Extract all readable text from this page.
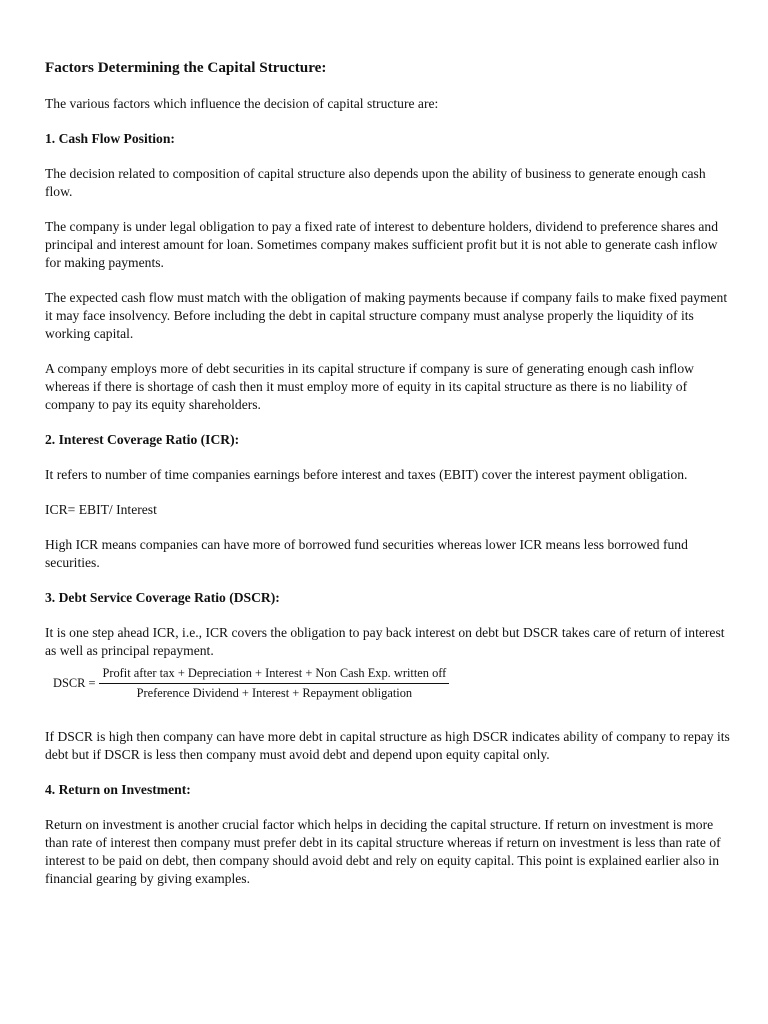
Factors Determining the Capital Structure:
The various factors which influence the decision of capital structure are:
1. Cash Flow Position:
The decision related to composition of capital structure also depends upon the ability of business to generate enough cash flow.
The company is under legal obligation to pay a fixed rate of interest to debenture holders, dividend to preference shares and principal and interest amount for loan. Sometimes company makes sufficient profit but it is not able to generate cash inflow for making payments.
The expected cash flow must match with the obligation of making payments because if company fails to make fixed payment it may face insolvency. Before including the debt in capital structure company must analyse properly the liquidity of its working capital.
A company employs more of debt securities in its capital structure if company is sure of generating enough cash inflow whereas if there is shortage of cash then it must employ more of equity in its capital structure as there is no liability of company to pay its equity shareholders.
2. Interest Coverage Ratio (ICR):
It refers to number of time companies earnings before interest and taxes (EBIT) cover the interest payment obligation.
ICR= EBIT/ Interest
High ICR means companies can have more of borrowed fund securities whereas lower ICR means less borrowed fund securities.
3. Debt Service Coverage Ratio (DSCR):
It is one step ahead ICR, i.e., ICR covers the obligation to pay back interest on debt but DSCR takes care of return of interest as well as principal repayment.
DSCR =
Profit after tax + Depreciation + Interest + Non Cash Exp. written off
Preference Dividend + Interest + Repayment obligation
If DSCR is high then company can have more debt in capital structure as high DSCR indicates ability of company to repay its debt but if DSCR is less then company must avoid debt and depend upon equity capital only.
4. Return on Investment:
Return on investment is another crucial factor which helps in deciding the capital structure. If return on investment is more than rate of interest then company must prefer debt in its capital structure whereas if return on investment is less than rate of interest to be paid on debt, then company should avoid debt and rely on equity capital. This point is explained earlier also in financial gearing by giving examples.
